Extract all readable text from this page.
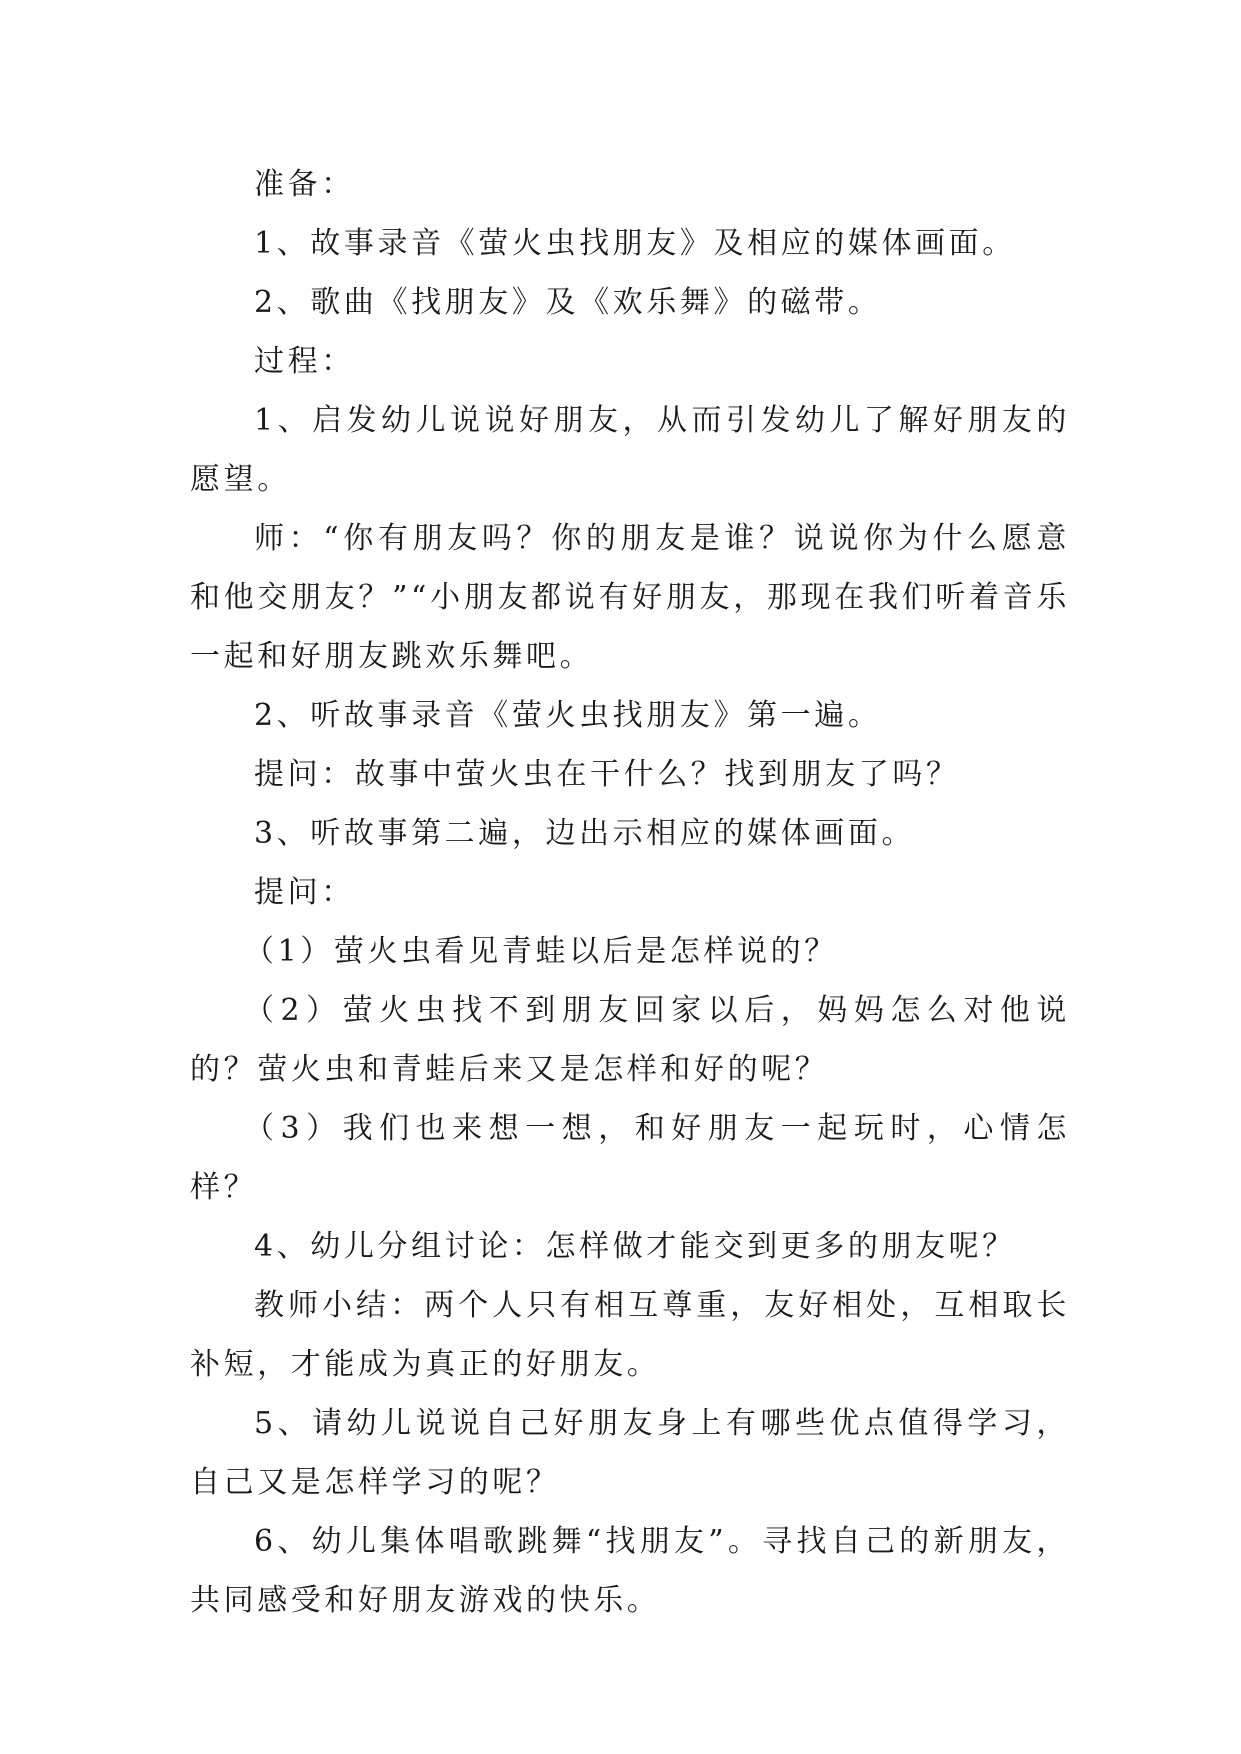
准备：

1、故事录音《萤火虫找朋友》及相应的媒体画面。

2、歌曲《找朋友》及《欢乐舞》的磁带。

过程：

1、启发幼儿说说好朋友，从而引发幼儿了解好朋友的愿望。

师：“你有朋友吗？你的朋友是谁？说说你为什么愿意和他交朋友？”“小朋友都说有好朋友，那现在我们听着音乐一起和好朋友跳欢乐舞吧。

2、听故事录音《萤火虫找朋友》第一遍。

提问：故事中萤火虫在干什么？找到朋友了吗？

3、听故事第二遍，边出示相应的媒体画面。

提问：

（1）萤火虫看见青蛙以后是怎样说的？

（2）萤火虫找不到朋友回家以后，妈妈怎么对他说的？萤火虫和青蛙后来又是怎样和好的呢？

（3）我们也来想一想，和好朋友一起玩时，心情怎样？

4、幼儿分组讨论：怎样做才能交到更多的朋友呢？

教师小结：两个人只有相互尊重，友好相处，互相取长补短，才能成为真正的好朋友。

5、请幼儿说说自己好朋友身上有哪些优点值得学习，自己又是怎样学习的呢？

6、幼儿集体唱歌跳舞“找朋友”。寻找自己的新朋友，共同感受和好朋友游戏的快乐。
